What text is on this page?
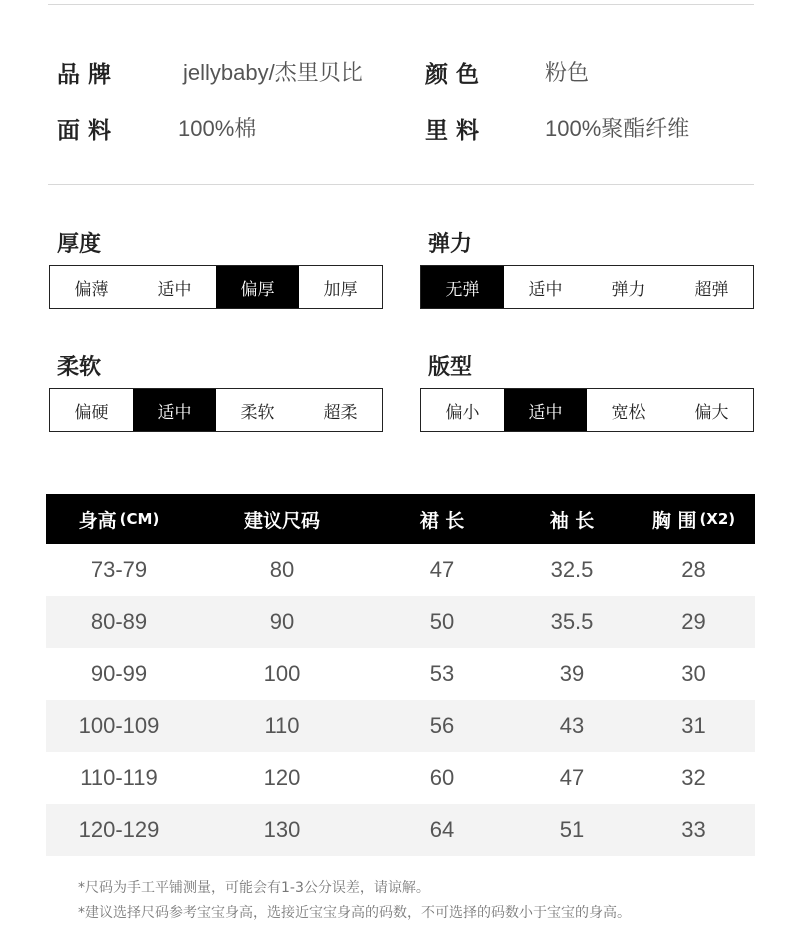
品 牌	jellybaby/杰里贝比	颜 色	粉色
面 料	100%棉	里 料	100%聚酯纤维
厚度
偏薄	适中	偏厚	加厚
弹力
无弹	适中	弹力	超弹
柔软
偏硬	适中	柔软	超柔
版型
偏小	适中	宽松	偏大
身高 (CM)	建议尺码	裙 长	袖 长	胸 围 (X2)
73-79	80	47	32.5	28
80-89	90	50	35.5	29
90-99	100	53	39	30
100-109	110	56	43	31
110-119	120	60	47	32
120-129	130	64	51	33
*尺码为手工平铺测量，可能会有1-3公分误差，请谅解。
*建议选择尺码参考宝宝身高，选接近宝宝身高的码数，不可选择的码数小于宝宝的身高。
